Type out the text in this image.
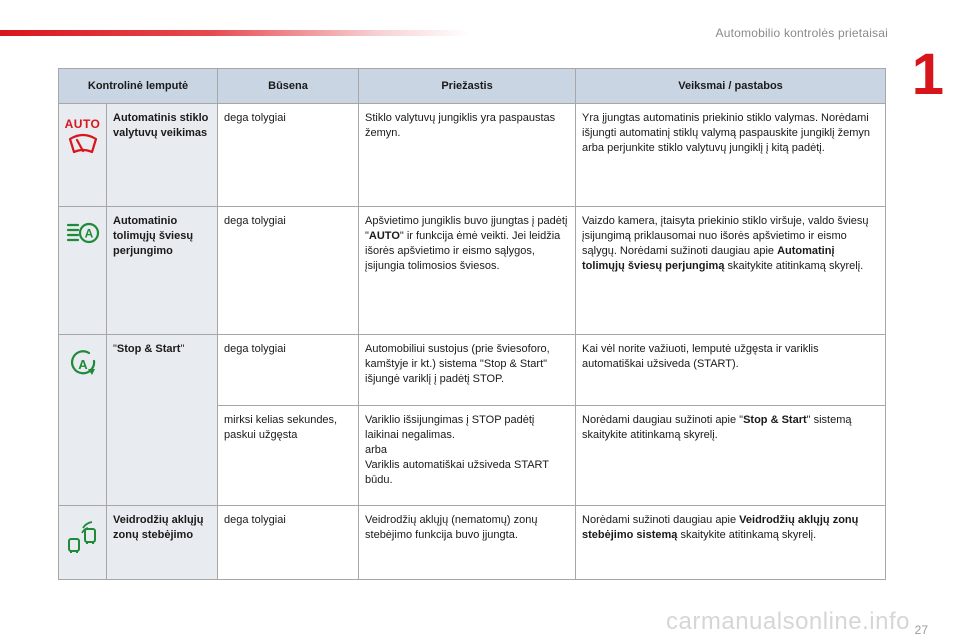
Automobilio kontrolės prietaisai
1
Kontrolinė lemputė		Būsena	Priežastis	Veiksmai / pastabos

AUTO	Automatinis stiklo valytuvų veikimas	dega tolygiai	Stiklo valytuvų jungiklis yra paspaustas žemyn.	Yra įjungtas automatinis priekinio stiklo valymas. Norėdami išjungti automatinį stiklų valymą paspauskite jungiklį žemyn arba perjunkite stiklo valytuvų jungiklį į kitą padėtį.

A	Automatinio tolimųjų šviesų perjungimo	dega tolygiai	Apšvietimo jungiklis buvo įjungtas į padėtį "AUTO" ir funkcija ėmė veikti. Jei leidžia išorės apšvietimo ir eismo sąlygos, įsijungia tolimosios šviesos.	Vaizdo kamera, įtaisyta priekinio stiklo viršuje, valdo šviesų įsijungimą priklausomai nuo išorės apšvietimo ir eismo sąlygų. Norėdami sužinoti daugiau apie Automatinį tolimųjų šviesų perjungimą skaitykite atitinkamą skyrelį.

A	"Stop & Start"	dega tolygiai	Automobiliui sustojus (prie šviesoforo, kamštyje ir kt.) sistema "Stop & Start" išjungė variklį į padėtį STOP.	Kai vėl norite važiuoti, lemputė užgęsta ir variklis automatiškai užsiveda (START).
		mirksi kelias sekundes, paskui užgęsta	Variklio išsijungimas į STOP padėtį laikinai negalimas.
arba
Variklis automatiškai užsiveda START būdu.	Norėdami daugiau sužinoti apie "Stop & Start" sistemą skaitykite atitinkamą skyrelį.

	Veidrodžių aklųjų zonų stebėjimo	dega tolygiai	Veidrodžių aklųjų (nematomų) zonų stebėjimo funkcija buvo įjungta.	Norėdami sužinoti daugiau apie Veidrodžių aklųjų zonų stebėjimo sistemą skaitykite atitinkamą skyrelį.
carmanualsonline.info 27
